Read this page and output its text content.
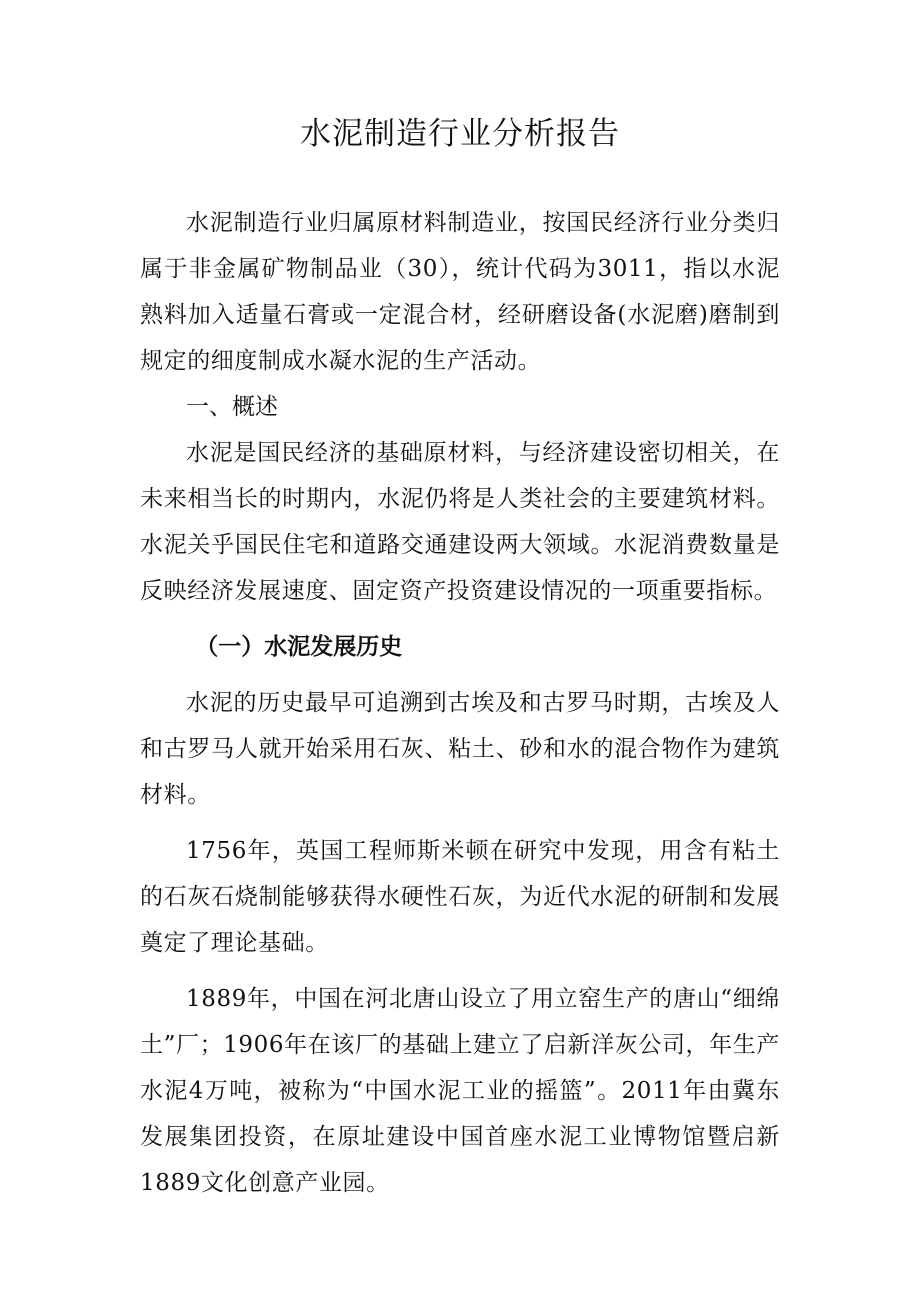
水泥制造行业分析报告

水泥制造行业归属原材料制造业，按国民经济行业分类归属于非金属矿物制品业（30），统计代码为3011，指以水泥熟料加入适量石膏或一定混合材，经研磨设备(水泥磨)磨制到规定的细度制成水凝水泥的生产活动。

一、概述

水泥是国民经济的基础原材料，与经济建设密切相关，在未来相当长的时期内，水泥仍将是人类社会的主要建筑材料。水泥关乎国民住宅和道路交通建设两大领域。水泥消费数量是反映经济发展速度、固定资产投资建设情况的一项重要指标。

（一）水泥发展历史

水泥的历史最早可追溯到古埃及和古罗马时期，古埃及人和古罗马人就开始采用石灰、粘土、砂和水的混合物作为建筑材料。

1756年，英国工程师斯米顿在研究中发现，用含有粘土的石灰石烧制能够获得水硬性石灰，为近代水泥的研制和发展奠定了理论基础。

1889年，中国在河北唐山设立了用立窑生产的唐山“细绵土”厂；1906年在该厂的基础上建立了启新洋灰公司，年生产水泥4万吨，被称为“中国水泥工业的摇篮”。2011年由冀东发展集团投资，在原址建设中国首座水泥工业博物馆暨启新1889文化创意产业园。
